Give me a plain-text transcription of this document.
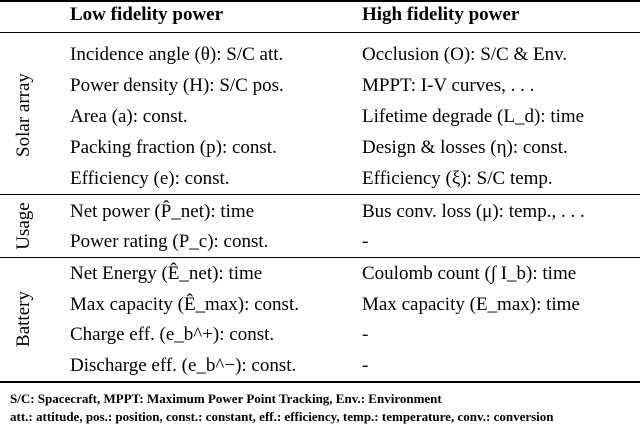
Low fidelity power	High fidelity power
Solar array
Usage
Battery
Incidence angle (θ): S/C att.
Power density (H): S/C pos.
Area (a): const.
Packing fraction (p): const.
Efficiency (e): const.
Net power (P̂_net): time
Power rating (P_c): const.
Net Energy (Ê_net): time
Max capacity (Ê_max): const.
Charge eff. (e_b^+): const.
Discharge eff. (e_b^−): const.
Occlusion (O): S/C & Env.
MPPT: I-V curves, . . .
Lifetime degrade (L_d): time
Design & losses (η): const.
Efficiency (ξ): S/C temp.
Bus conv. loss (μ): temp., . . .
-
Coulomb count (∫ I_b): time
Max capacity (E_max): time
-
-
S/C: Spacecraft, MPPT: Maximum Power Point Tracking, Env.: Environment
att.: attitude, pos.: position, const.: constant, eff.: efficiency, temp.: temperature, conv.: conversion
